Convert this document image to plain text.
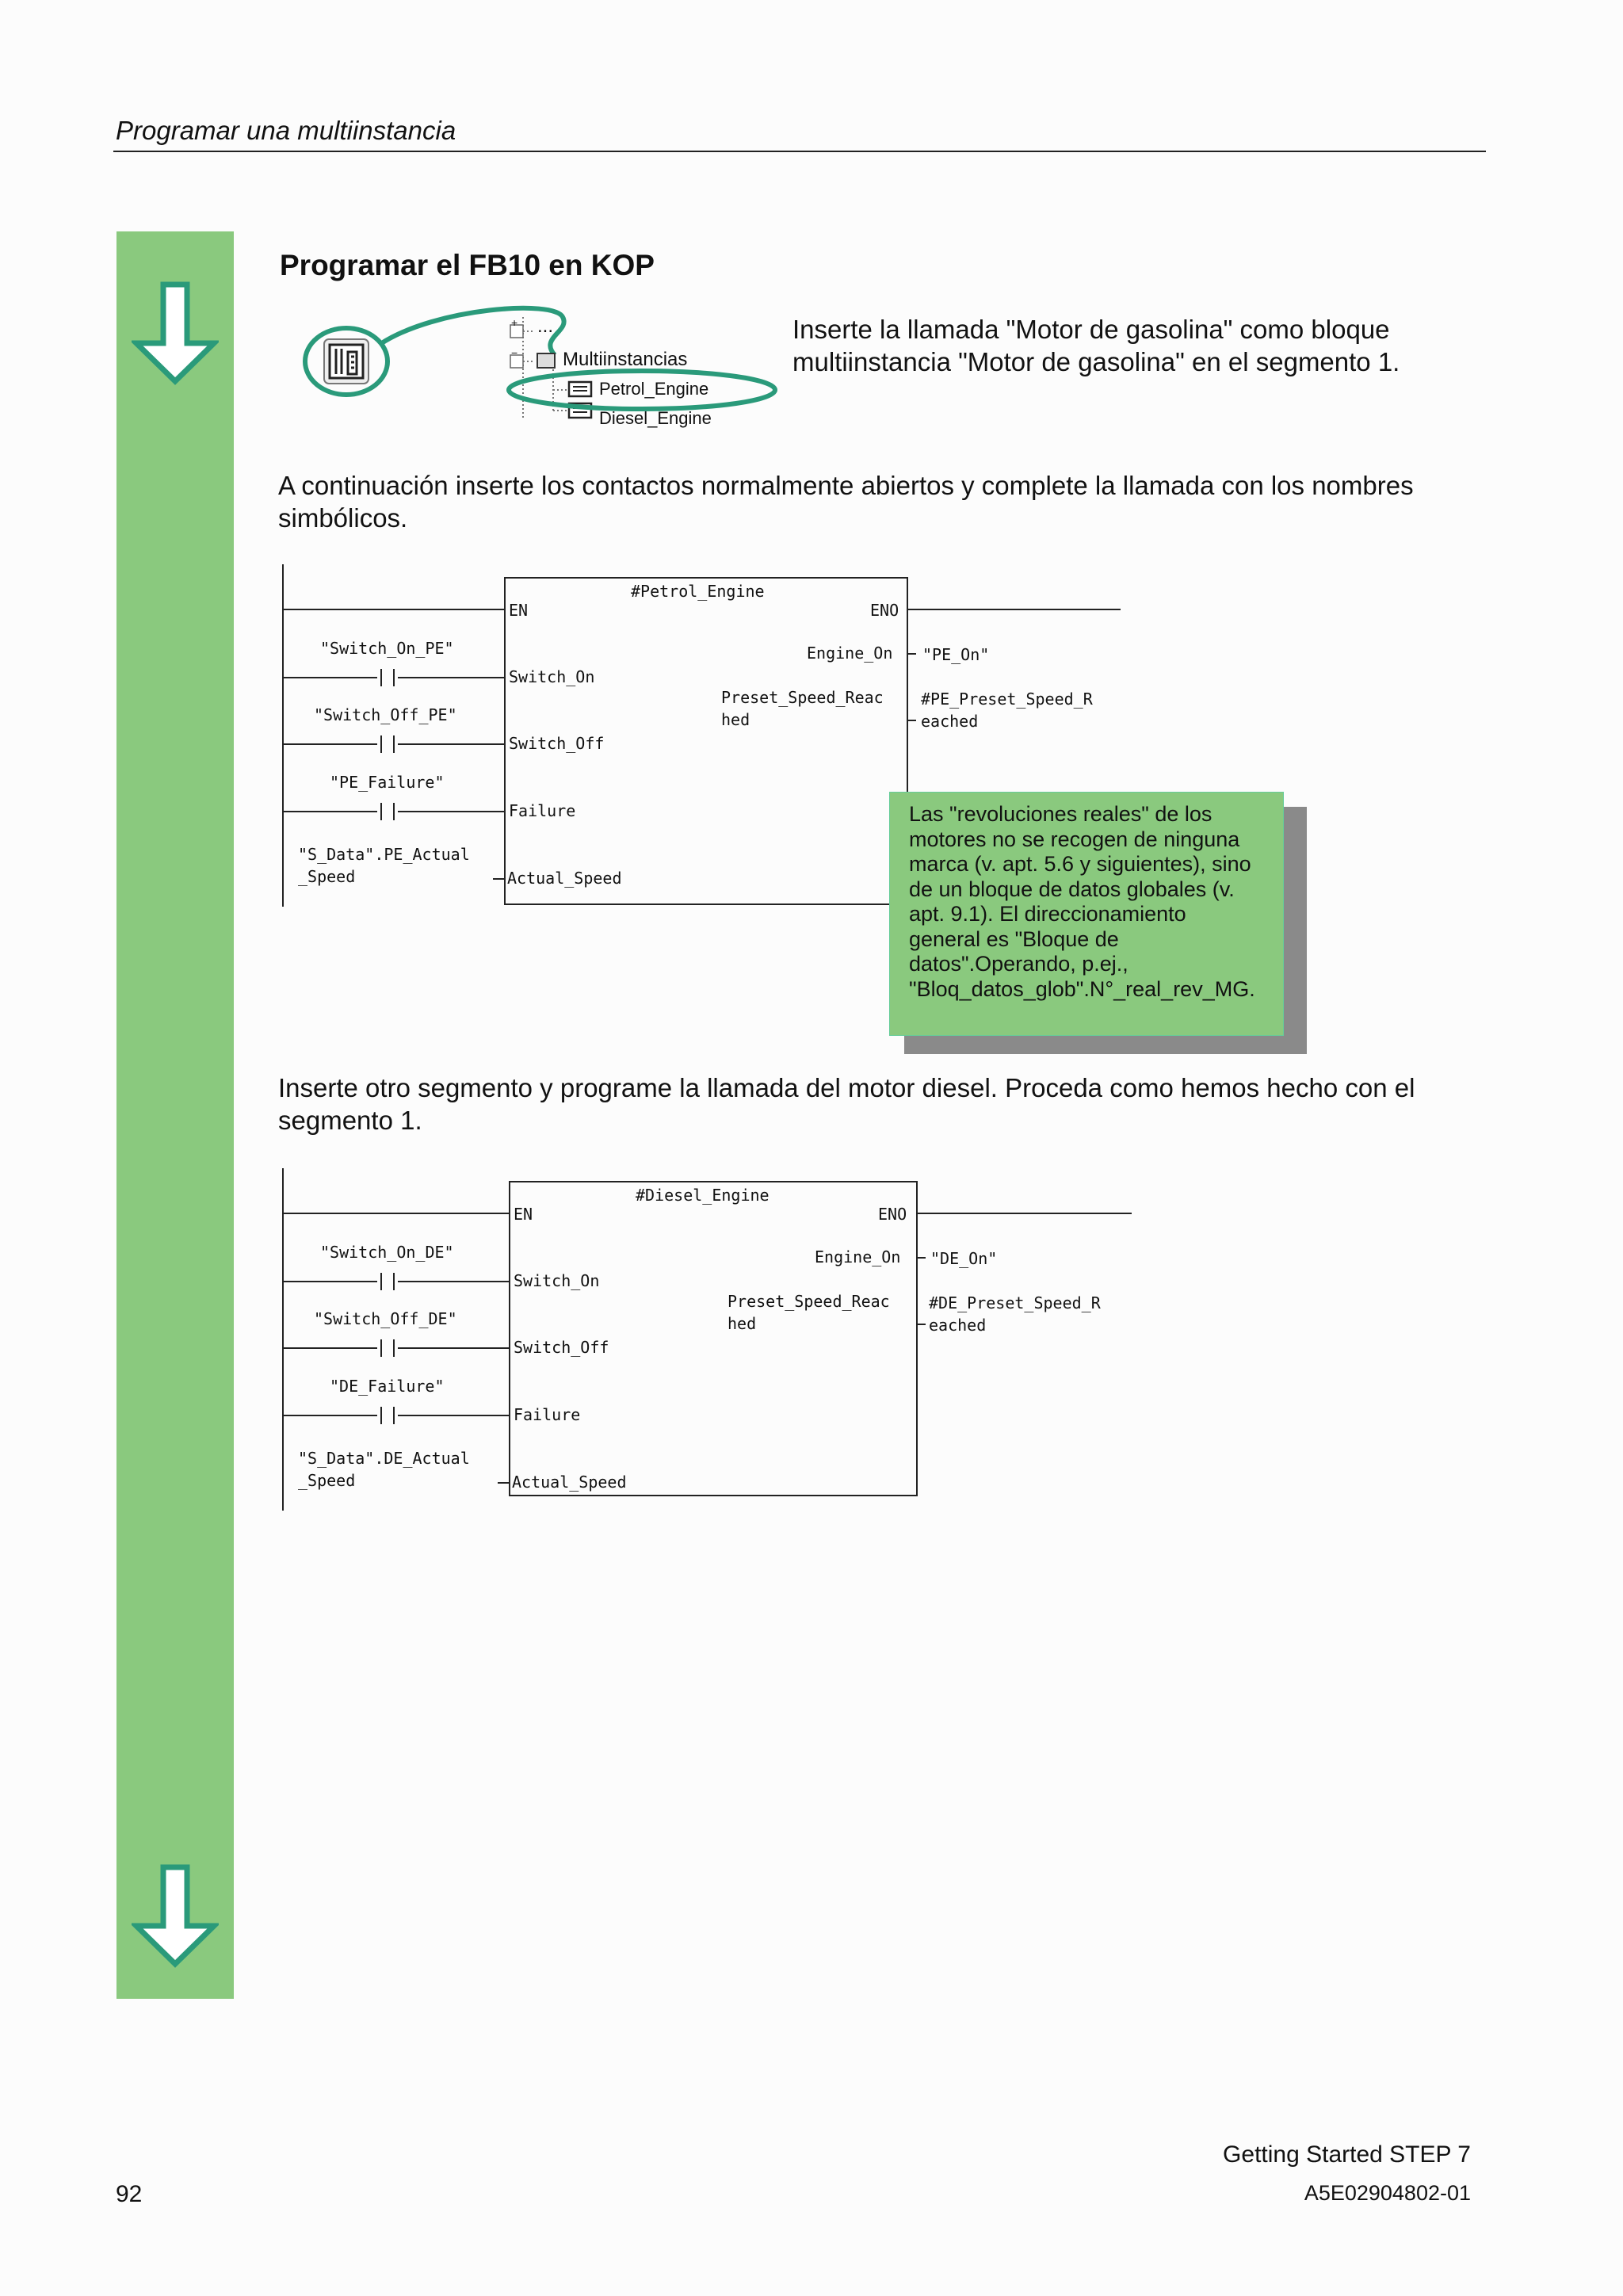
Programar una multiinstancia
Programar el FB10 en KOP
+
−
...
Multiinstancias
Petrol_Engine
Diesel_Engine
Inserte la llamada "Motor de gasolina" como bloque
multiinstancia "Motor de gasolina" en el segmento 1.
A continuación inserte los contactos normalmente abiertos y complete la llamada con los nombres
simbólicos.
#Petrol_Engine
EN	ENO
"Switch_On_PE"
Switch_On
"Switch_Off_PE"
Switch_Off
"PE_Failure"
Failure
"S_Data".PE_Actual
_Speed	Actual_Speed
Engine_On "PE_On"
Preset_Speed_Reac
hed
#PE_Preset_Speed_R
eached
Las "revoluciones reales" de los
motores no se recogen de ninguna
marca (v. apt. 5.6 y siguientes), sino
de un bloque de datos globales (v.
apt. 9.1). El direccionamiento
general es "Bloque de
datos".Operando, p.ej.,
"Bloq_datos_glob".N°_real_rev_MG.
Inserte otro segmento y programe la llamada del motor diesel. Proceda como hemos hecho con el
segmento 1.
#Diesel_Engine
EN	ENO
"Switch_On_DE"
Switch_On
"Switch_Off_DE"
Switch_Off
"DE_Failure"
Failure
"S_Data".DE_Actual
_Speed	Actual_Speed
Engine_On "DE_On"
Preset_Speed_Reac
hed
#DE_Preset_Speed_R
eached
92
Getting Started STEP 7
A5E02904802-01
